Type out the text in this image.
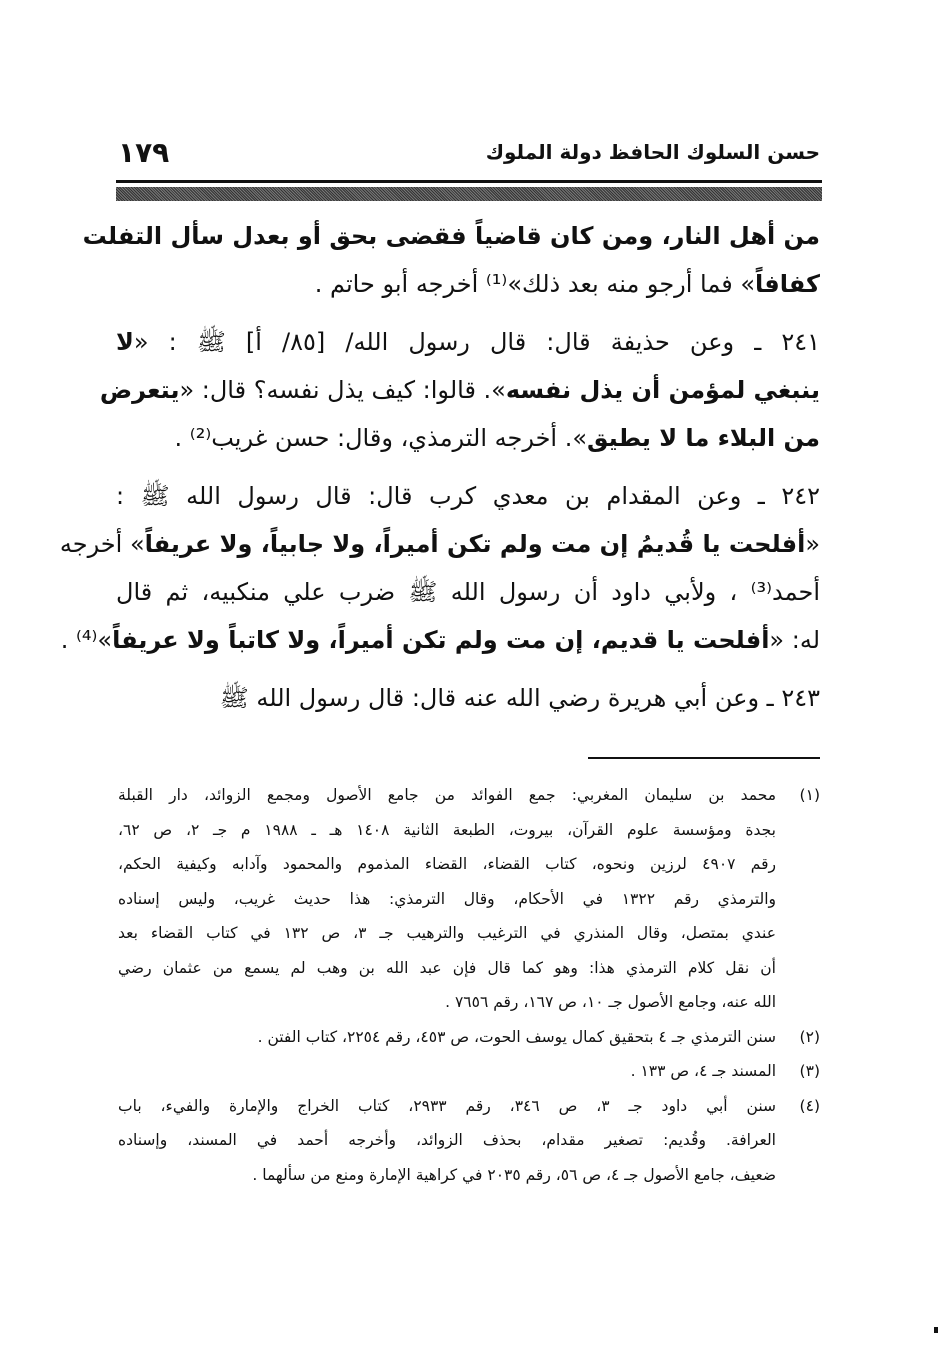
حسن السلوك الحافظ دولة الملوك
١٧٩
من أهل النار، ومن كان قاضياً فقضى بحق أو بعدل سأل التفلت
كفافاً» فما أرجو منه بعد ذلك»⁽¹⁾ أخرجه أبو حاتم .
٢٤١ ـ وعن حذيفة قال: قال رسول الله/ [٨٥/ أ] ﷺ : «لا
ينبغي لمؤمن أن يذل نفسه». قالوا: كيف يذل نفسه؟ قال: «يتعرض
من البلاء ما لا يطيق». أخرجه الترمذي، وقال: حسن غريب⁽²⁾ .
٢٤٢ ـ وعن المقدام بن معدي كرب قال: قال رسول الله ﷺ :
«أفلحت يا قُديمُ إن مت ولم تكن أميراً، ولا جابياً، ولا عريفاً» أخرجه
أحمد⁽³⁾ ، ولأبي داود أن رسول الله ﷺ ضرب علي منكبيه، ثم قال
له: «أفلحت يا قديم، إن مت ولم تكن أميراً، ولا كاتباً ولا عريفاً»⁽⁴⁾ .
٢٤٣ ـ وعن أبي هريرة رضي الله عنه قال: قال رسول الله ﷺ
(١)
محمد بن سليمان المغربي: جمع الفوائد من جامع الأصول ومجمع الزوائد، دار القبلة
بجدة ومؤسسة علوم القرآن، بيروت، الطبعة الثانية ١٤٠٨ هـ ـ ١٩٨٨ م جـ ٢، ص ٦٢،
رقم ٤٩٠٧ لرزين ونحوه، كتاب القضاء، القضاء المذموم والمحمود وآدابه وكيفية الحكم،
والترمذي رقم ١٣٢٢ في الأحكام، وقال الترمذي: هذا حديث غريب، وليس إسناده
عندي بمتصل، وقال المنذري في الترغيب والترهيب جـ ٣، ص ١٣٢ في كتاب القضاء بعد
أن نقل كلام الترمذي هذا: وهو كما قال فإن عبد الله بن وهب لم يسمع من عثمان رضي
الله عنه، وجامع الأصول جـ ١٠، ص ١٦٧، رقم ٧٦٥٦ .
(٢)
سنن الترمذي جـ ٤ بتحقيق كمال يوسف الحوت، ص ٤٥٣، رقم ٢٢٥٤، كتاب الفتن .
(٣)
المسند جـ ٤، ص ١٣٣ .
(٤)
سنن أبي داود جـ ٣، ص ٣٤٦، رقم ٢٩٣٣، كتاب الخراج والإمارة والفيء، باب
العرافة. وقُديم: تصغير مقدام، بحذف الزوائد، وأخرجه أحمد في المسند، وإسناده
ضعيف، جامع الأصول جـ ٤، ص ٥٦، رقم ٢٠٣٥ في كراهية الإمارة ومنع من سألهما .
